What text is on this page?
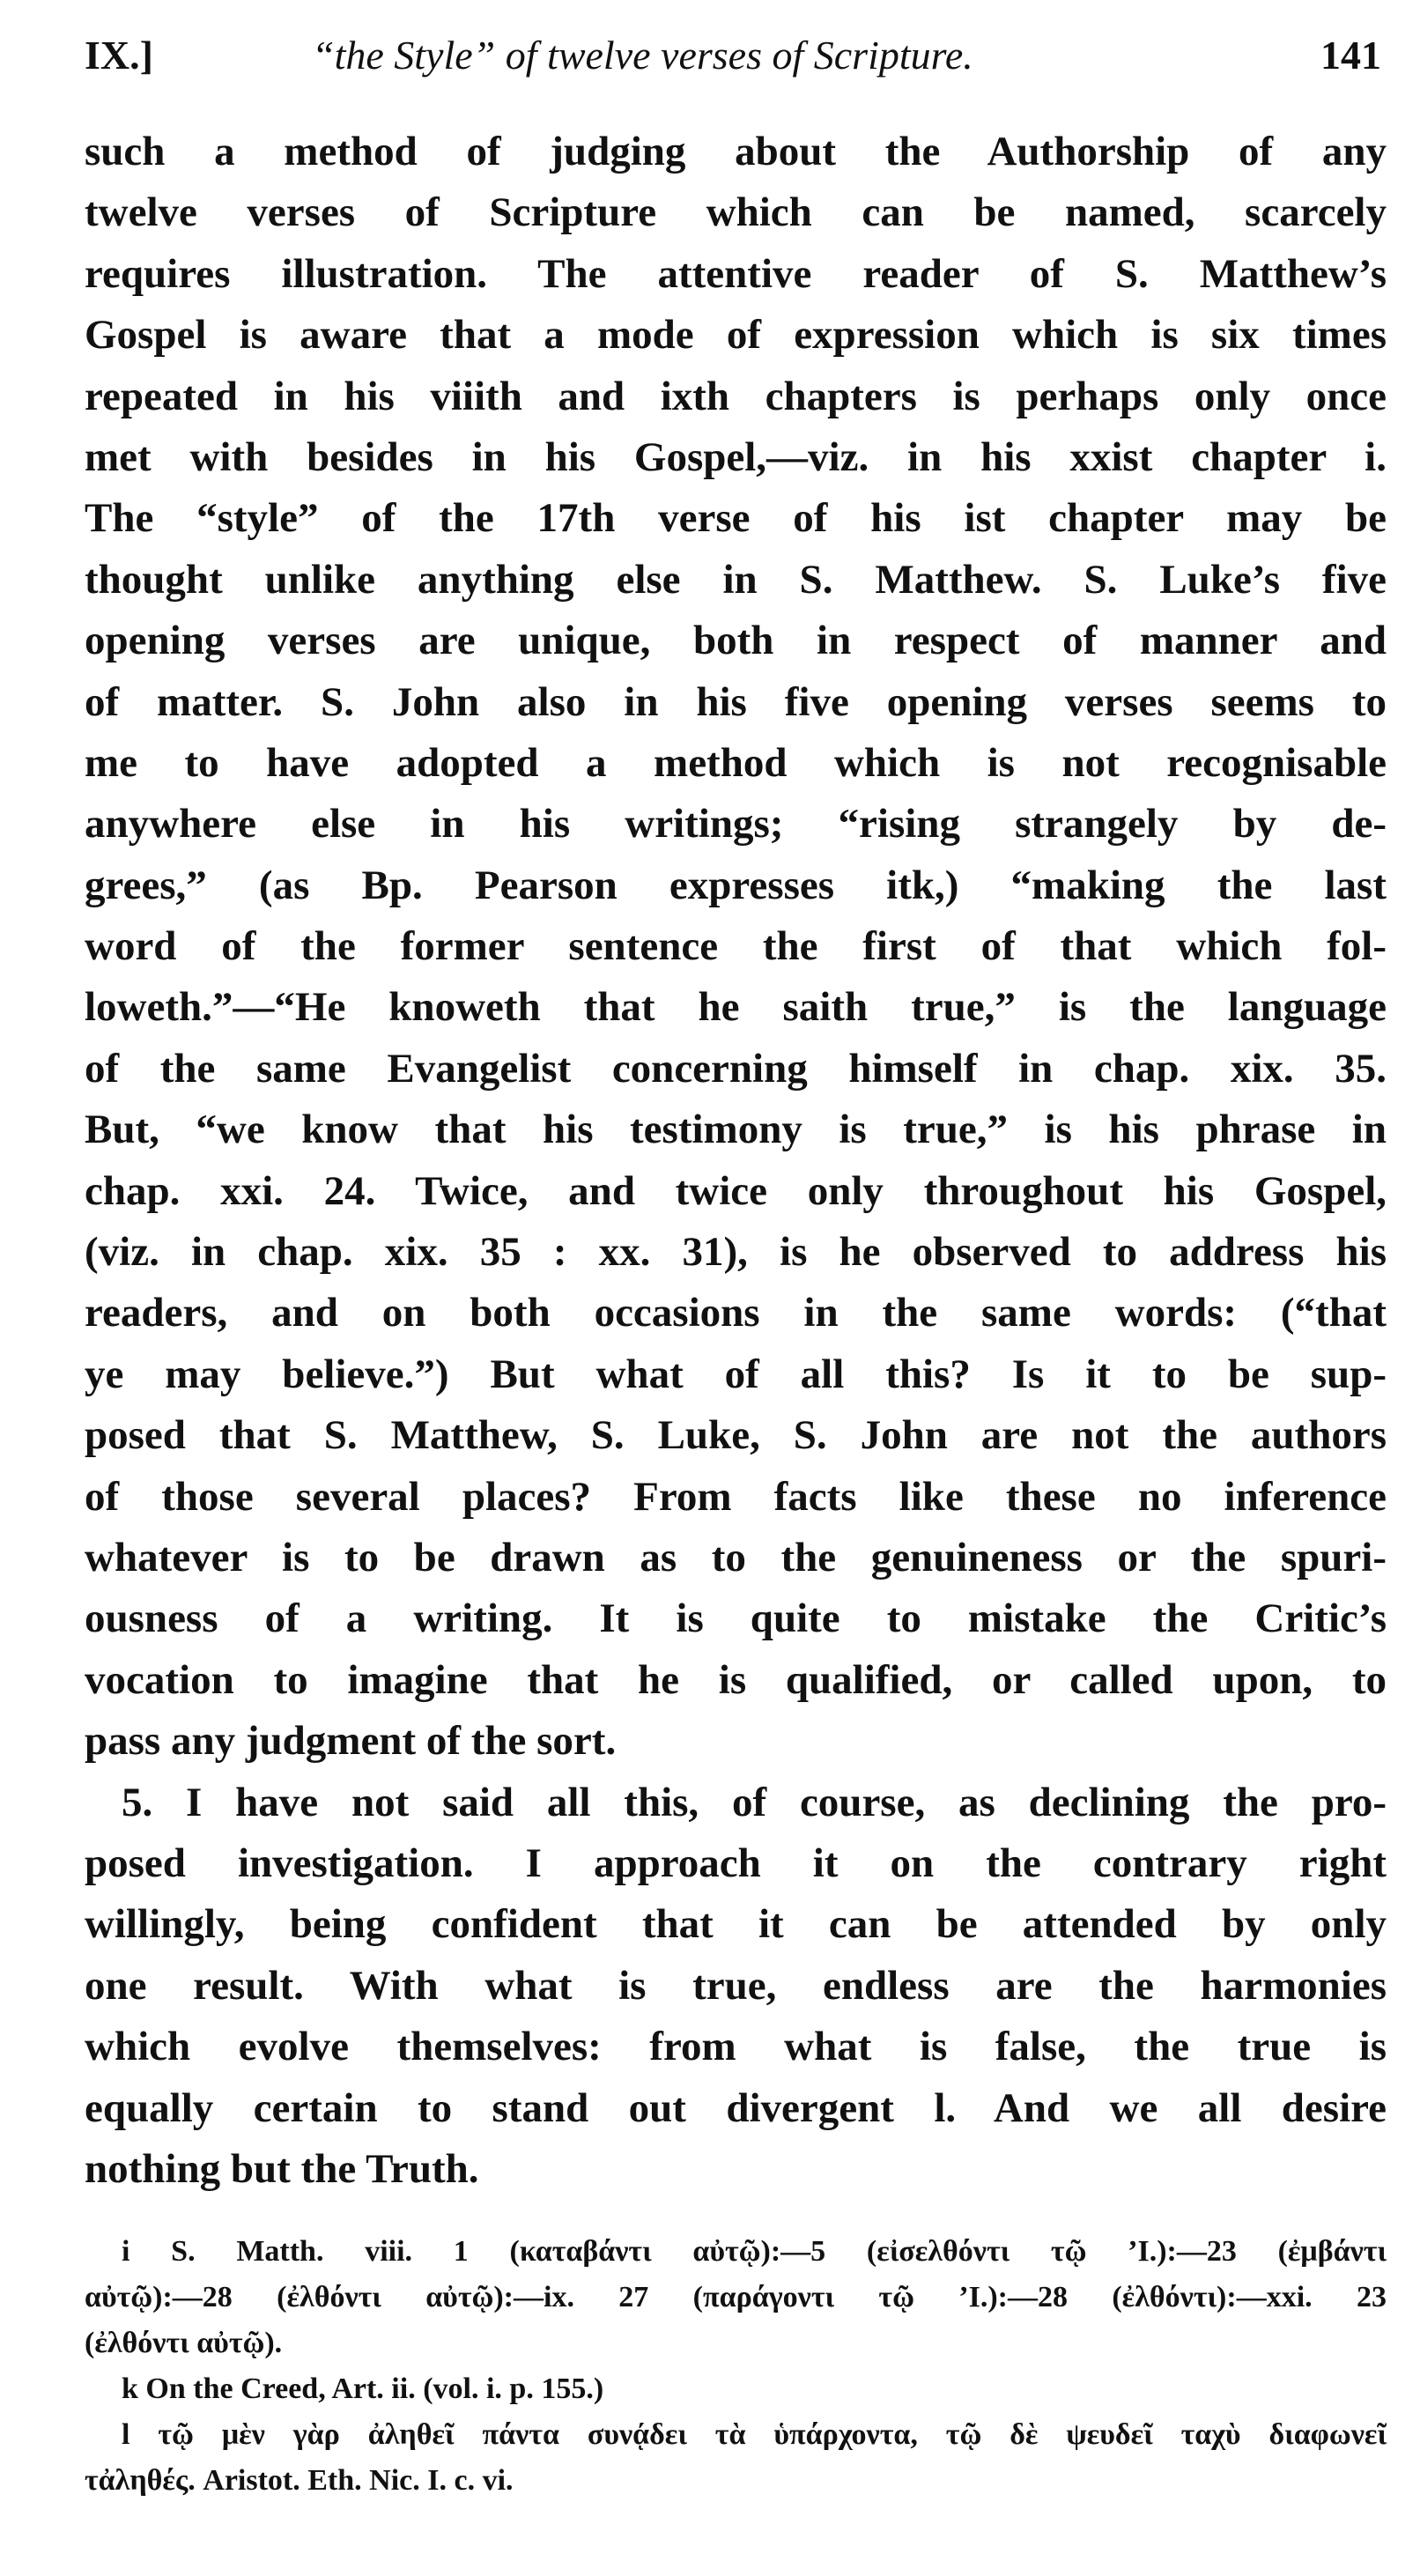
IX.]	“the Style” of twelve verses of Scripture.	141
such a method of judging about the Authorship of any
twelve verses of Scripture which can be named, scarcely
requires illustration. The attentive reader of S. Matthew’s
Gospel is aware that a mode of expression which is six times
repeated in his viiith and ixth chapters is perhaps only once
met with besides in his Gospel,—viz. in his xxist chapter i.
The “style” of the 17th verse of his ist chapter may be
thought unlike anything else in S. Matthew. S. Luke’s five
opening verses are unique, both in respect of manner and
of matter. S. John also in his five opening verses seems to
me to have adopted a method which is not recognisable
anywhere else in his writings; “rising strangely by de-
grees,” (as Bp. Pearson expresses itk,) “making the last
word of the former sentence the first of that which fol-
loweth.”—“He knoweth that he saith true,” is the language
of the same Evangelist concerning himself in chap. xix. 35.
But, “we know that his testimony is true,” is his phrase in
chap. xxi. 24. Twice, and twice only throughout his Gospel,
(viz. in chap. xix. 35 : xx. 31), is he observed to address his
readers, and on both occasions in the same words: (“that
ye may believe.”) But what of all this? Is it to be sup-
posed that S. Matthew, S. Luke, S. John are not the authors
of those several places? From facts like these no inference
whatever is to be drawn as to the genuineness or the spuri-
ousness of a writing. It is quite to mistake the Critic’s
vocation to imagine that he is qualified, or called upon, to
pass any judgment of the sort.
5. I have not said all this, of course, as declining the pro-
posed investigation. I approach it on the contrary right
willingly, being confident that it can be attended by only
one result. With what is true, endless are the harmonies
which evolve themselves: from what is false, the true is
equally certain to stand out divergent l. And we all desire
nothing but the Truth.
i S. Matth. viii. 1 (καταβάντι αὐτῷ):—5 (εἰσελθόντι τῷ ’Ι.):—23 (ἐμβάντι
αὐτῷ):—28 (ἐλθόντι αὐτῷ):—ix. 27 (παράγοντι τῷ ’Ι.):—28 (ἐλθόντι):—xxi. 23
(ἐλθόντι αὐτῷ).
k On the Creed, Art. ii. (vol. i. p. 155.)
l τῷ μὲν γὰρ ἀληθεῖ πάντα συνᾴδει τὰ ὑπάρχοντα, τῷ δὲ ψευδεῖ ταχὺ διαφωνεῖ
τἀληθές. Aristot. Eth. Nic. I. c. vi.
